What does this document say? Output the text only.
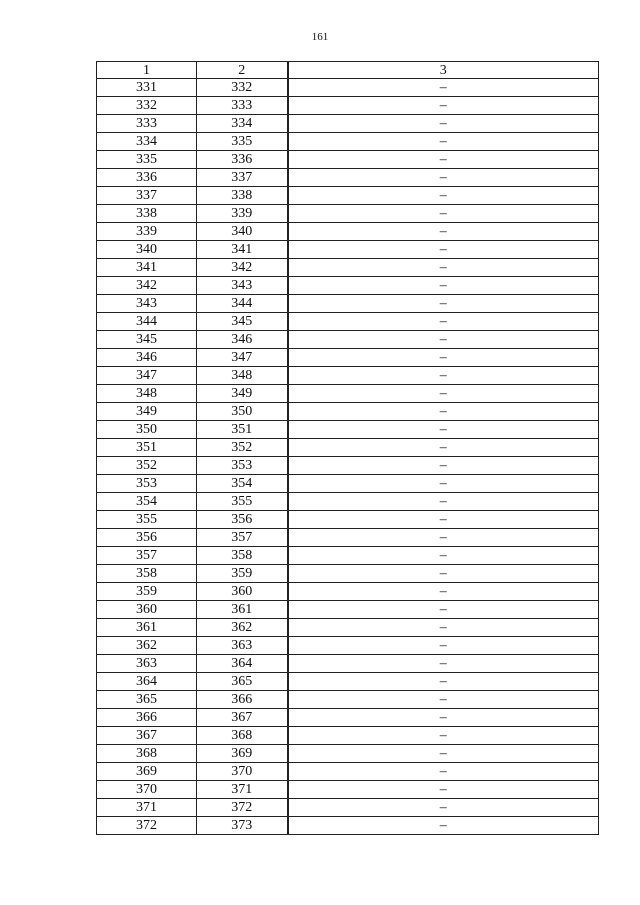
161
1	2	3
331	332	–
332	333	–
333	334	–
334	335	–
335	336	–
336	337	–
337	338	–
338	339	–
339	340	–
340	341	–
341	342	–
342	343	–
343	344	–
344	345	–
345	346	–
346	347	–
347	348	–
348	349	–
349	350	–
350	351	–
351	352	–
352	353	–
353	354	–
354	355	–
355	356	–
356	357	–
357	358	–
358	359	–
359	360	–
360	361	–
361	362	–
362	363	–
363	364	–
364	365	–
365	366	–
366	367	–
367	368	–
368	369	–
369	370	–
370	371	–
371	372	–
372	373	–
